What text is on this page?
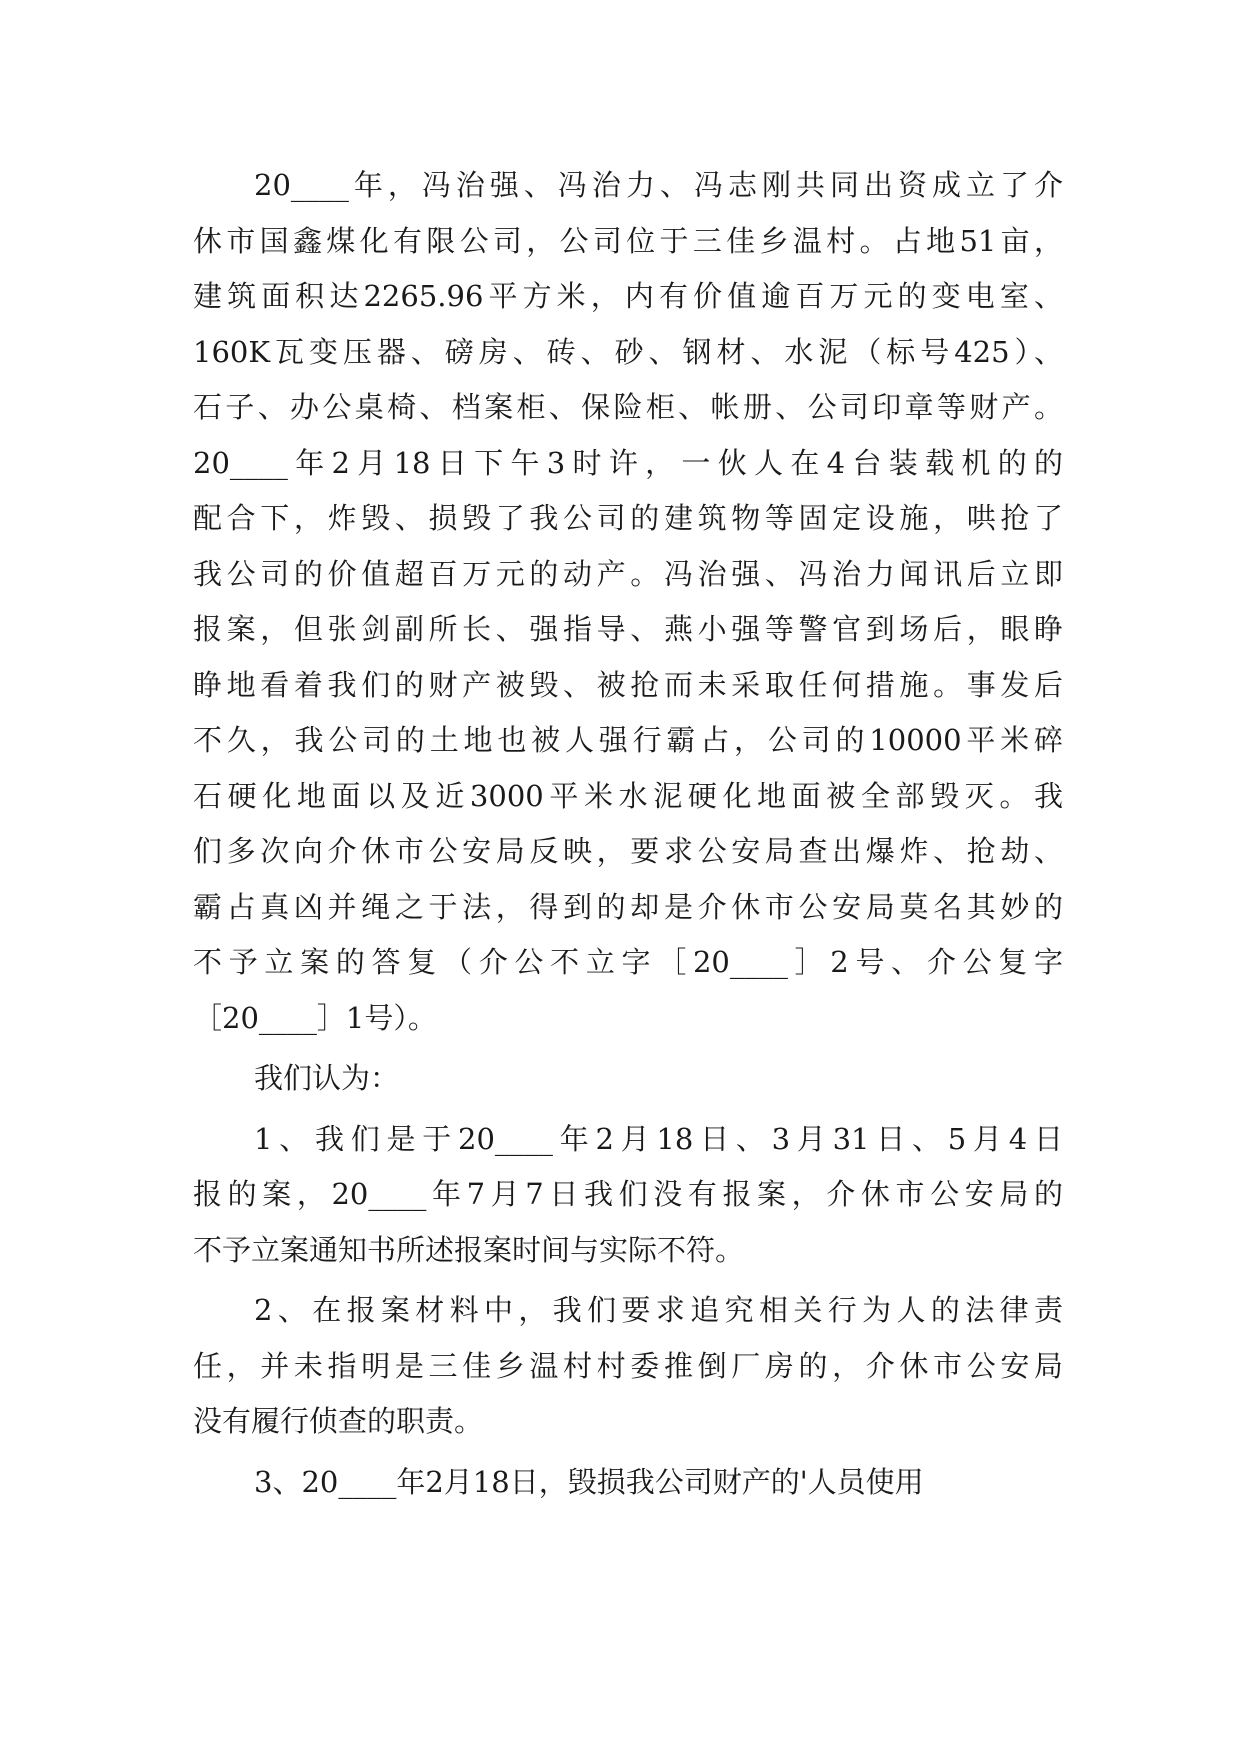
20____年，冯治强、冯治力、冯志刚共同出资成立了介
休市国鑫煤化有限公司，公司位于三佳乡温村。占地51亩，
建筑面积达2265.96平方米，内有价值逾百万元的变电室、
160K瓦变压器、磅房、砖、砂、钢材、水泥（标号425）、
石子、办公桌椅、档案柜、保险柜、帐册、公司印章等财产。
20____年2月18日下午3时许，一伙人在4台装载机的的
配合下，炸毁、损毁了我公司的建筑物等固定设施，哄抢了
我公司的价值超百万元的动产。冯治强、冯治力闻讯后立即
报案，但张剑副所长、强指导、燕小强等警官到场后，眼睁
睁地看着我们的财产被毁、被抢而未采取任何措施。事发后
不久，我公司的土地也被人强行霸占，公司的10000平米碎
石硬化地面以及近3000平米水泥硬化地面被全部毁灭。我
们多次向介休市公安局反映，要求公安局查出爆炸、抢劫、
霸占真凶并绳之于法，得到的却是介休市公安局莫名其妙的
不予立案的答复（介公不立字［20____］2号、介公复字
［20____］1号）。
我们认为：
1、我们是于20____年2月18日、3月31日、5月4日
报的案，20____年7月7日我们没有报案，介休市公安局的
不予立案通知书所述报案时间与实际不符。
2、在报案材料中，我们要求追究相关行为人的法律责
任，并未指明是三佳乡温村村委推倒厂房的，介休市公安局
没有履行侦查的职责。
3、20____年2月18日，毁损我公司财产的'人员使用
